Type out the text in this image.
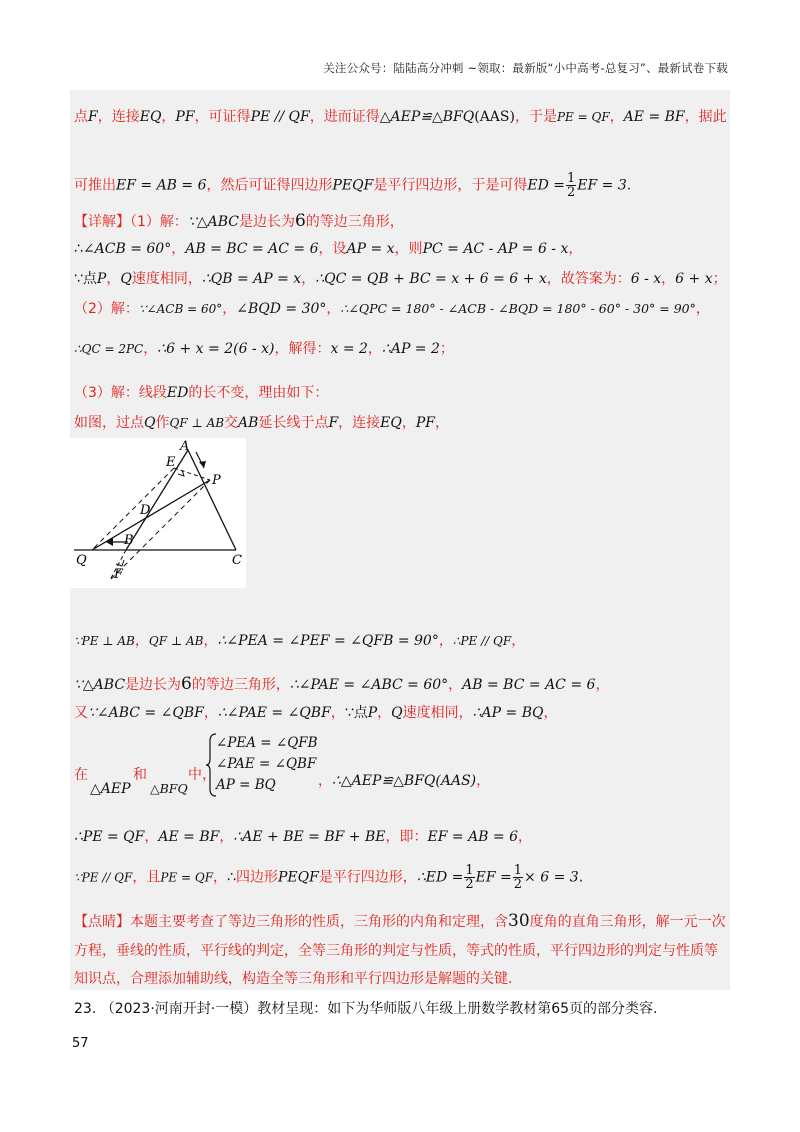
关注公众号：陆陆高分冲刺 ~领取：最新版“小中高考-总复习”、最新试卷下载
点F，连接EQ，PF，可证得PE // QF，进而证得△AEP≌△BFQ(AAS)，于是PE = QF，AE = BF，据此
可推出EF = AB = 6，然后可证得四边形PEQF是平行四边形，于是可得ED = $\frac{1}{2}$ EF = 3.
【详解】（1）解：∵△ABC是边长为6的等边三角形，
∴∠ACB = 60°，AB = BC = AC = 6，设AP = x，则PC = AC - AP = 6 - x，
∵点P，Q速度相同，∴QB = AP = x，∴QC = QB + BC = x + 6 = 6 + x，故答案为：6 - x，6 + x；
（2）解：∵∠ACB = 60°，∠BQD = 30°，∴∠QPC = 180° - ∠ACB - ∠BQD = 180° - 60° - 30° = 90°，
∴QC = 2PC，∴6 + x = 2(6 - x)，解得：x = 2，∴AP = 2；
（3）解：线段ED的长不变，理由如下：
如图，过点Q作QF ⊥ AB交AB延长线于点F，连接EQ，PF，
A
E
P
D
Q
B
C
F
∵PE ⊥ AB，QF ⊥ AB，∴∠PEA = ∠PEF = ∠QFB = 90°，∴PE // QF，
∵△ABC是边长为6的等边三角形，∴∠PAE = ∠ABC = 60°，AB = BC = AC = 6，
又∵∠ABC = ∠QBF，∴∠PAE = ∠QBF，∵点P，Q速度相同，∴AP = BQ，
在
△AEP
和
△BFQ
中，
∠PEA = ∠QFB
∠PAE = ∠QBF
AP = BQ	，∴△AEP≌△BFQ(AAS)，
∴PE = QF，AE = BF，∴AE + BE = BF + BE，即：EF = AB = 6，
∵PE // QF，且PE = QF，∴四边形PEQF是平行四边形，∴ED = $\frac{1}{2}$ EF = $\frac{1}{2} \times 6 = 3$.
【点睛】本题主要考查了等边三角形的性质，三角形的内角和定理，含30度角的直角三角形，解一元一次
方程，垂线的性质，平行线的判定，全等三角形的判定与性质，等式的性质，平行四边形的判定与性质等
知识点，合理添加辅助线，构造全等三角形和平行四边形是解题的关键.
23. （2023·河南开封·一模）教材呈现：如下为华师版八年级上册数学教材第65页的部分类容.
57
